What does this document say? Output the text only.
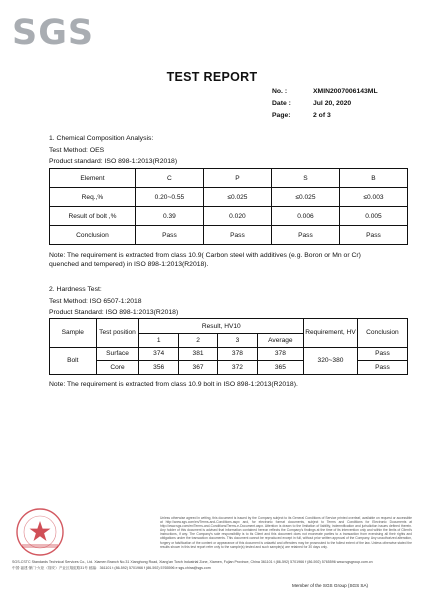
SGS
TEST REPORT
No. :	XMIN2007006143ML
Date :	Jul 20, 2020
Page:	2 of 3
1. Chemical Composition Analysis:
Test Method: OES
Product standard: ISO 898-1:2013(R2018)
Element	C	P	S	B
Req.,%	0.20~0.55	≤0.025	≤0.025	≤0.003
Result of bolt ,%	0.39	0.020	0.006	0.005
Conclusion	Pass	Pass	Pass	Pass
Note: The requirement is extracted from class 10.9( Carbon steel with additives (e.g. Boron or Mn or Cr)
quenched and tempered) in ISO 898-1:2013(R2018).
2. Hardness Test:
Test Method: ISO 6507-1:2018
Product Standard: ISO 898-1:2013(R2018)
Sample	Test position	Result, HV10				Requirement, HV	Conclusion
		1	2	3	Average		
Bolt	Surface	374	381	378	378	320~380	Pass
	Core	356	367	372	365		Pass
Note: The requirement is extracted from class 10.9 bolt in ISO 898-1:2013(R2018).
Unless otherwise agreed in writing, this document is issued by the Company subject to its General Conditions of Service printed overleaf, available on request or accessible at http://www.sgs.com/en/Terms-and-Conditions.aspx and, for electronic format documents, subject to Terms and Conditions for Electronic Documents at http://www.sgs.com/en/Terms-and-Conditions/Terms-e-Document.aspx. Attention is drawn to the limitation of liability, indemnification and jurisdiction issues defined therein. Any holder of this document is advised that information contained hereon reflects the Company's findings at the time of its intervention only and within the limits of Client's instructions, if any. The Company's sole responsibility is to its Client and this document does not exonerate parties to a transaction from exercising all their rights and obligations under the transaction documents. This document cannot be reproduced except in full, without prior written approval of the Company. Any unauthorized alteration, forgery or falsification of the content or appearance of this document is unlawful and offenders may be prosecuted to the fullest extent of the law. Unless otherwise stated the results shown in this test report refer only to the sample(s) tested and such sample(s) are retained for 30 days only.
SGS-CSTC Standards Technical Services Co., Ltd. Xiamen Branch No.31 Xianghong Road, Xiang'an Torch Industrial Zone, Xiamen, Fujian Province, China 361101 t (86-592) 5701966 f (86-592) 5765596 www.sgsgroup.com.cn
中国·福建·厦门·火炬（翔安）产业区翔虹路31号 邮编：361101 t (86-592) 5701966 f (86-592) 5765596 e sgs.china@sgs.com
Member of the SGS Group (SGS SA)
